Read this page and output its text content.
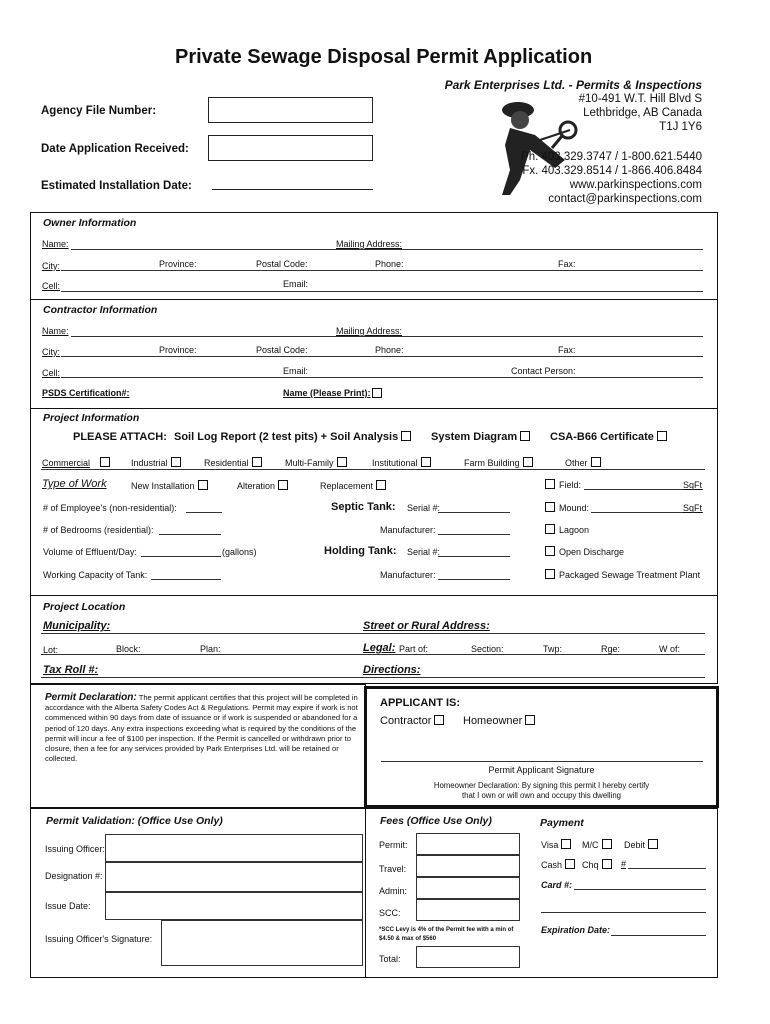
Private Sewage Disposal Permit Application
Park Enterprises Ltd. - Permits & Inspections
#10-491 W.T. Hill Blvd S
Lethbridge, AB Canada
T1J 1Y6
Ph. 403.329.3747 / 1-800.621.5440
Fx. 403.329.8514 / 1-866.406.8484
www.parkinspections.com
contact@parkinspections.com
Agency File Number:
Date Application Received:
Estimated Installation Date:
Owner Information
Name:	Mailing Address:
City:	Province:	Postal Code:	Phone:	Fax:
Cell:	Email:
Contractor Information
Name:	Mailing Address:
City:	Province:	Postal Code:	Phone:	Fax:
Cell:	Email:	Contact Person:
PSDS Certification#:	Name (Please Print):
Project Information
PLEASE ATTACH: Soil Log Report (2 test pits) + Soil Analysis	System Diagram	CSA-B66 Certificate
Commercial	Industrial	Residential	Multi-Family	Institutional	Farm Building	Other
Type of Work	New Installation	Alteration	Replacement
# of Employee's (non-residential):	Septic Tank: Serial #:
# of Bedrooms (residential):	Manufacturer:
Volume of Effluent/Day:	(gallons)	Holding Tank: Serial #:
Working Capacity of Tank:	Manufacturer:
Field:	SqFt
Mound:	SqFt
Lagoon
Open Discharge
Packaged Sewage Treatment Plant
Project Location
Municipality:	Street or Rural Address:
Lot:	Block:	Plan:	Legal: Part of:	Section:	Twp:	Rge:	W of:
Tax Roll #:	Directions:
Permit Declaration: The permit applicant certifies that this project will be completed in accordance with the Alberta Safety Codes Act & Regulations. Permit may expire if work is not commenced within 90 days from date of issuance or if work is suspended or abandoned for a period of 120 days. Any extra inspections exceeding what is required by the conditions of the permit will incur a fee of $100 per inspection. If the Permit is cancelled or withdrawn prior to closure, then a fee for any services provided by Park Enterprises Ltd. will be retained or collected.
APPLICANT IS:
Contractor	Homeowner
Permit Applicant Signature
Homeowner Declaration: By signing this permit I hereby certify
that I own or will own and occupy this dwelling
Permit Validation: (Office Use Only)
Issuing Officer:
Designation #:
Issue Date:
Issuing Officer's Signature:
Fees (Office Use Only)
Permit:
Travel:
Admin:
SCC:
*SCC Levy is 4% of the Permit fee with a min of $4.50 & max of $560
Total:
Payment
Visa	M/C	Debit
Cash	Chq	#
Card #:
Expiration Date:
